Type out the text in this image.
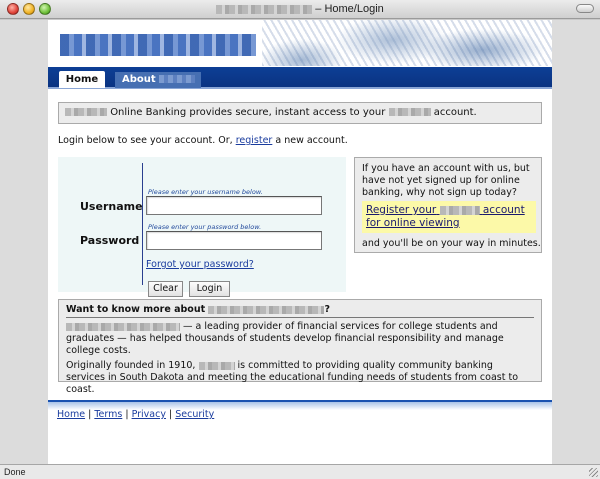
– Home/Login
Home	About
Online Banking provides secure, instant access to your	account.
Login below to see your account. Or, register a new account.
Username
Please enter your username below.
Password
Please enter your password below.
Forgot your password?
Clear	Login
If you have an account with us, but have not yet signed up for online banking, why not sign up today?
Register your	account for online viewing
and you'll be on your way in minutes.
Want to know more about	?
— a leading provider of financial services for college students and graduates — has helped thousands of students develop financial responsibility and manage college costs.
Originally founded in 1910,	is committed to providing quality community banking services in South Dakota and meeting the educational funding needs of students from coast to coast.
Home | Terms | Privacy | Security
Done
